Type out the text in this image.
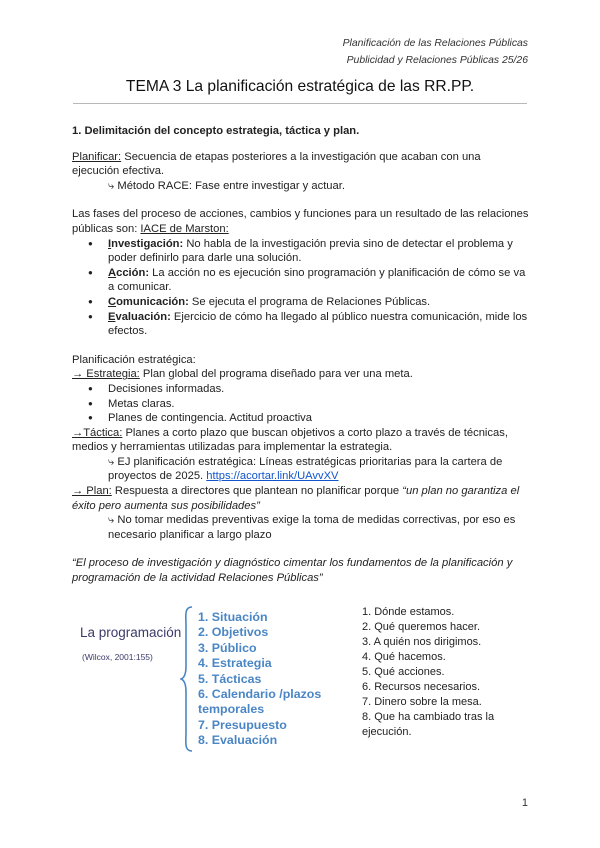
Planificación de las Relaciones Públicas
Publicidad y Relaciones Públicas 25/26
TEMA 3 La planificación estratégica de las RR.PP.

1. Delimitación del concepto estrategia, táctica y plan.

Planificar: Secuencia de etapas posteriores a la investigación que acaban con una ejecución efectiva.

⤷ Método RACE: Fase entre investigar y actuar.

Las fases del proceso de acciones, cambios y funciones para un resultado de las relaciones públicas son: IACE de Marston:

● Investigación: No habla de la investigación previa sino de detectar el problema y poder definirlo para darle una solución.
● Acción: La acción no es ejecución sino programación y planificación de cómo se va a comunicar.
● Comunicación: Se ejecuta el programa de Relaciones Públicas.
● Evaluación: Ejercicio de cómo ha llegado al público nuestra comunicación, mide los efectos.

Planificación estratégica:

→ Estrategia: Plan global del programa diseñado para ver una meta.

● Decisiones informadas.
● Metas claras.
● Planes de contingencia. Actitud proactiva

→Táctica: Planes a corto plazo que buscan objetivos a corto plazo a través de técnicas, medios y herramientas utilizadas para implementar la estrategia.

⤷ EJ planificación estratégica: Líneas estratégicas prioritarias para la cartera de proyectos de 2025. https://acortar.link/UAvvXV

→ Plan: Respuesta a directores que plantean no planificar porque “un plan no garantiza el éxito pero aumenta sus posibilidades”

⤷ No tomar medidas preventivas exige la toma de medidas correctivas, por eso es necesario planificar a largo plazo

“El proceso de investigación y diagnóstico cimentar los fundamentos de la planificación y programación de la actividad Relaciones Públicas”

La programación
(Wilcox, 2001:155)
1. Situación
2. Objetivos
3. Público
4. Estrategia
5. Tácticas
6. Calendario /plazos temporales
7. Presupuesto
8. Evaluación
1. Dónde estamos.
2. Qué queremos hacer.
3. A quién nos dirigimos.
4. Qué hacemos.
5. Qué acciones.
6. Recursos necesarios.
7. Dinero sobre la mesa.
8. Que ha cambiado tras la ejecución.
1
